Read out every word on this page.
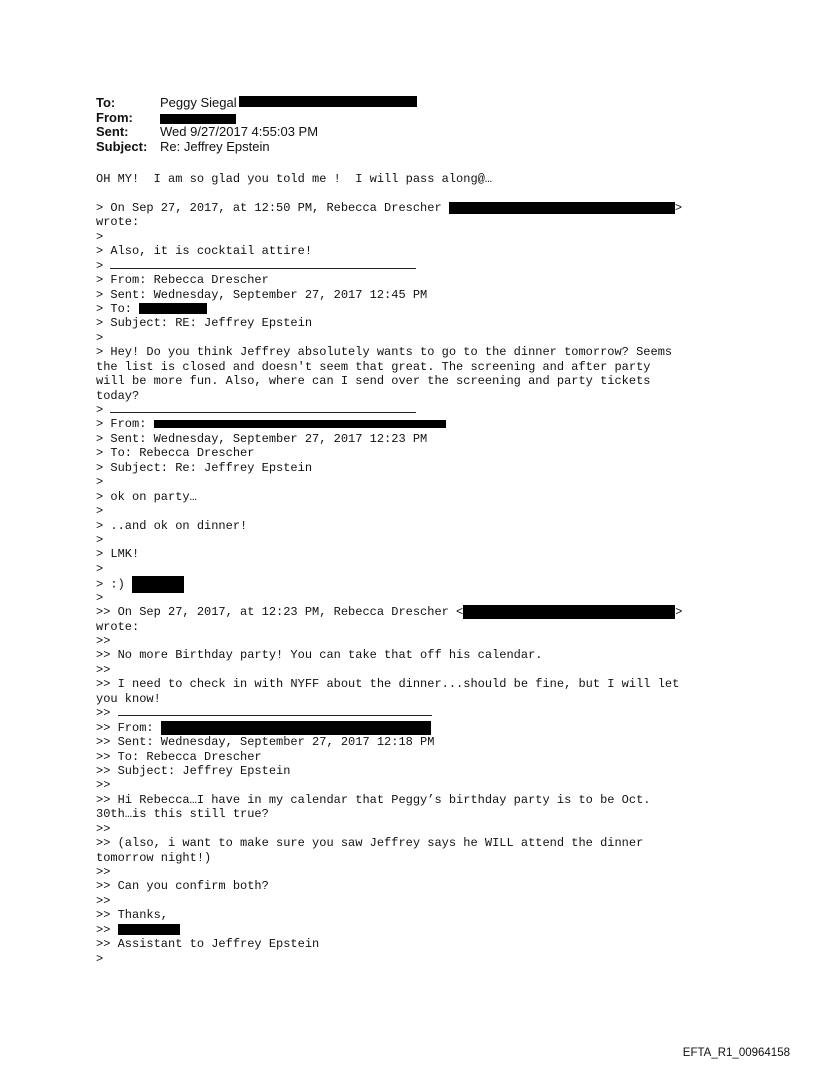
To:	Peggy Siegal
From:
Sent:	Wed 9/27/2017 4:55:03 PM
Subject: Re: Jeffrey Epstein
OH MY!  I am so glad you told me !  I will pass along@…
> On Sep 27, 2017, at 12:50 PM, Rebecca Drescher	>
wrote:
>
> Also, it is cocktail attire!
>
> From: Rebecca Drescher
> Sent: Wednesday, September 27, 2017 12:45 PM
> To:
> Subject: RE: Jeffrey Epstein
>
> Hey! Do you think Jeffrey absolutely wants to go to the dinner tomorrow? Seems
the list is closed and doesn't seem that great. The screening and after party
will be more fun. Also, where can I send over the screening and party tickets
today?
>
> From:
> Sent: Wednesday, September 27, 2017 12:23 PM
> To: Rebecca Drescher
> Subject: Re: Jeffrey Epstein
>
> ok on party…
>
> ..and ok on dinner!
>
> LMK!
>
> :)
>
>> On Sep 27, 2017, at 12:23 PM, Rebecca Drescher <	>
wrote:
>>
>> No more Birthday party! You can take that off his calendar.
>>
>> I need to check in with NYFF about the dinner...should be fine, but I will let
you know!
>>
>> From:
>> Sent: Wednesday, September 27, 2017 12:18 PM
>> To: Rebecca Drescher
>> Subject: Jeffrey Epstein
>>
>> Hi Rebecca…I have in my calendar that Peggy’s birthday party is to be Oct.
30th…is this still true?
>>
>> (also, i want to make sure you saw Jeffrey says he WILL attend the dinner
tomorrow night!)
>>
>> Can you confirm both?
>>
>> Thanks,
>>
>> Assistant to Jeffrey Epstein
>
EFTA_R1_00964158
